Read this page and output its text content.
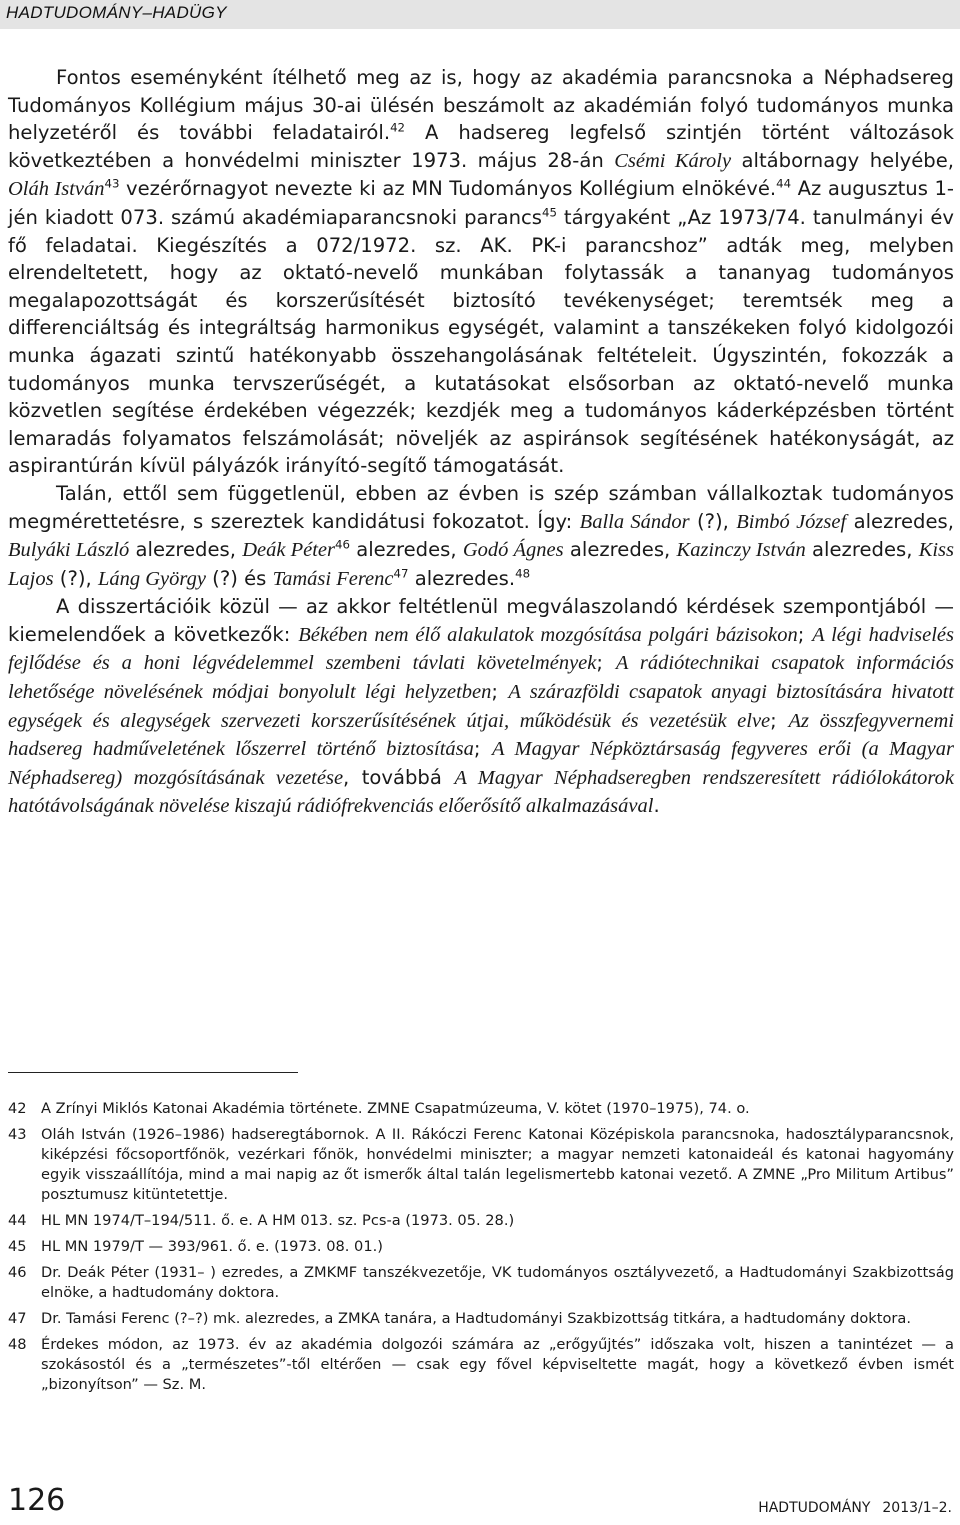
HADTUDOMÁNY–HADÜGY

Fontos eseményként ítélhető meg az is, hogy az akadémia parancsnoka a Néphadsereg Tudományos Kollégium május 30-ai ülésén beszámolt az akadémián folyó tudományos munka helyzetéről és további feladatairól.$^{42}$ A hadsereg legfelső szintjén történt változások következtében a honvédelmi miniszter 1973. május 28-án Csémi Károly altábornagy helyébe, Oláh István$^{43}$ vezérőrnagyot nevezte ki az MN Tudományos Kollégium elnökévé.$^{44}$ Az augusztus 1-jén kiadott 073. számú akadémiaparancsnoki parancs$^{45}$ tárgyaként „Az 1973/74. tanulmányi év fő feladatai. Kiegészítés a 072/1972. sz. AK. PK-i parancshoz” adták meg, melyben elrendeltetett, hogy az oktató-nevelő munkában folytassák a tananyag tudományos megalapozottságát és korszerűsítését biztosító tevékenységet; teremtsék meg a differenciáltság és integráltság harmonikus egységét, valamint a tanszékeken folyó kidolgozói munka ágazati szintű hatékonyabb összehangolásának feltételeit. Úgyszintén, fokozzák a tudományos munka tervszerűségét, a kutatásokat elsősorban az oktató-nevelő munka közvetlen segítése érdekében végezzék; kezdjék meg a tudományos káderképzésben történt lemaradás folyamatos felszámolását; növeljék az aspiránsok segítésének hatékonyságát, az aspirantúrán kívül pályázók irányító-segítő támogatását.

Talán, ettől sem függetlenül, ebben az évben is szép számban vállalkoztak tudományos megmérettetésre, s szereztek kandidátusi fokozatot. Így: Balla Sándor (?), Bimbó József alezredes, Bulyáki László alezredes, Deák Péter$^{46}$ alezredes, Godó Ágnes alezredes, Kazinczy István alezredes, Kiss Lajos (?), Láng György (?) és Tamási Ferenc$^{47}$ alezredes.$^{48}$

A disszertációik közül — az akkor feltétlenül megválaszolandó kérdések szempontjából — kiemelendőek a következők: Békében nem élő alakulatok mozgósítása polgári bázisokon; A légi hadviselés fejlődése és a honi légvédelemmel szembeni távlati követelmények; A rádiótechnikai csapatok információs lehetősége növelésének módjai bonyolult légi helyzetben; A szárazföldi csapatok anyagi biztosítására hivatott egységek és alegységek szervezeti korszerűsítésének útjai, működésük és vezetésük elve; Az összfegyvernemi hadsereg hadműveletének lőszerrel történő biztosítása; A Magyar Népköztársaság fegyveres erői (a Magyar Néphadsereg) mozgósításának vezetése, továbbá A Magyar Néphadseregben rendszeresített rádiólokátorok hatótávolságának növelése kiszajú rádiófrekvenciás előerősítő alkalmazásával.

42 A Zrínyi Miklós Katonai Akadémia története. ZMNE Csapatmúzeuma, V. kötet (1970–1975), 74. o.
43 Oláh István (1926–1986) hadseregtábornok. A II. Rákóczi Ferenc Katonai Középiskola parancsnoka, hadosztályparancsnok, kiképzési főcsoportfőnök, vezérkari főnök, honvédelmi miniszter; a magyar nemzeti katonaideál és katonai hagyomány egyik visszaállítója, mind a mai napig az őt ismerők által talán legelismertebb katonai vezető. A ZMNE „Pro Militum Artibus” posztumusz kitüntetettje.
44 HL MN 1974/T–194/511. ő. e. A HM 013. sz. Pcs-a (1973. 05. 28.)
45 HL MN 1979/T — 393/961. ő. e. (1973. 08. 01.)
46 Dr. Deák Péter (1931– ) ezredes, a ZMKMF tanszékvezetője, VK tudományos osztályvezető, a Hadtudományi Szakbizottság elnöke, a hadtudomány doktora.
47 Dr. Tamási Ferenc (?–?) mk. alezredes, a ZMKA tanára, a Hadtudományi Szakbizottság titkára, a hadtudomány doktora.
48 Érdekes módon, az 1973. év az akadémia dolgozói számára az „erőgyűjtés” időszaka volt, hiszen a tanintézet — a szokásostól és a „természetes”-től eltérően — csak egy fővel képviseltette magát, hogy a következő évben ismét „bizonyítson” — Sz. M.
126	HADTUDOMÁNY 2013/1–2.
